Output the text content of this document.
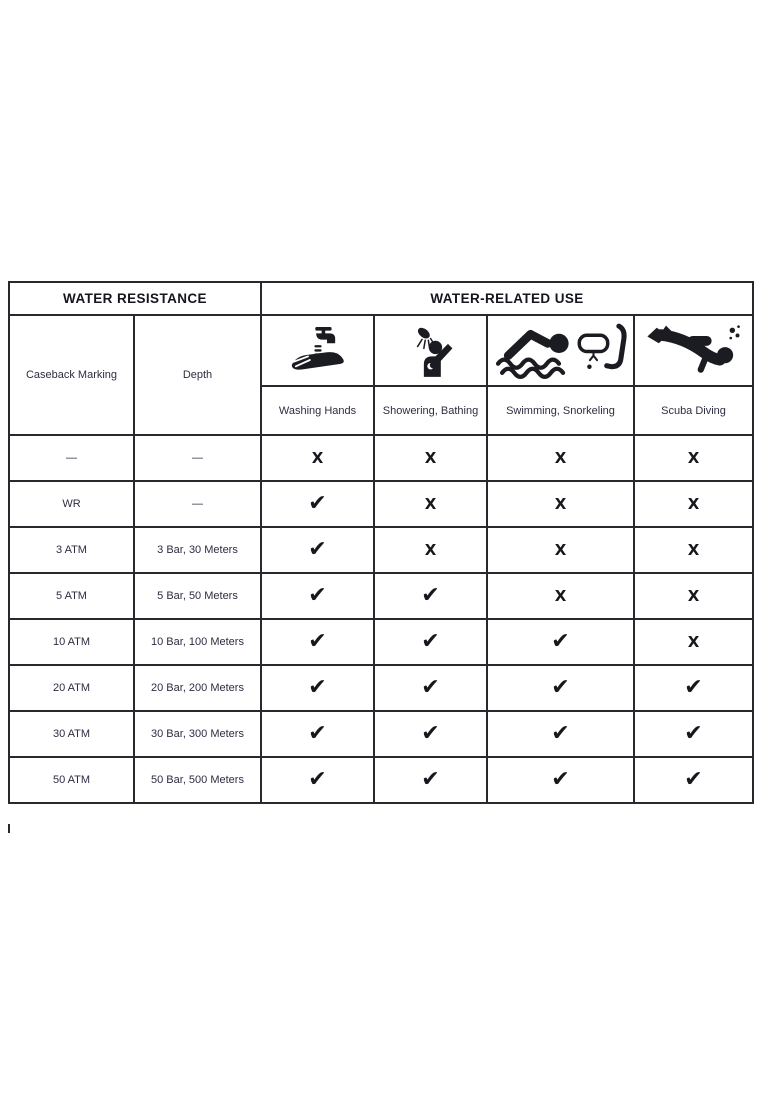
WATER RESISTANCE		WATER-RELATED USE			
Caseback Marking	Depth				
		Washing Hands	Showering, Bathing	Swimming, Snorkeling	Scuba Diving
—	—	X	X	X	X
WR	—	✔	X	X	X
3 ATM	3 Bar, 30 Meters	✔	X	X	X
5 ATM	5 Bar, 50 Meters	✔	✔	X	X
10 ATM	10 Bar, 100 Meters	✔	✔	✔	X
20 ATM	20 Bar, 200 Meters	✔	✔	✔	✔
30 ATM	30 Bar, 300 Meters	✔	✔	✔	✔
50 ATM	50 Bar, 500 Meters	✔	✔	✔	✔
